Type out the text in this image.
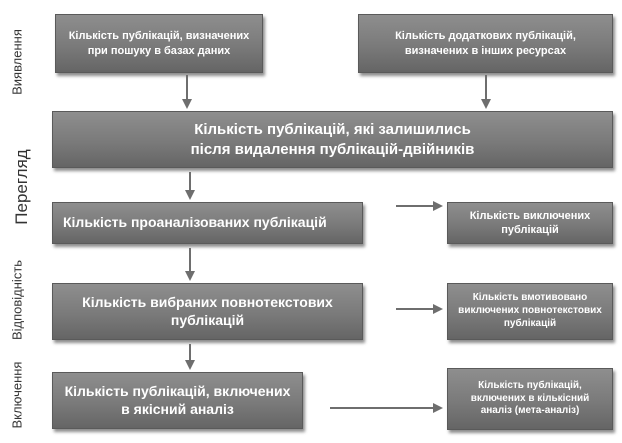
Виявлення
Перегляд
Відповідність
Включення
Кількість публікацій, визначених при пошуку в базах даних
Кількість додаткових публікацій, визначених в інших ресурсах
Кількість публікацій, які залишились після видалення публікацій-двійників
Кількість проаналізованих публікацій	Кількість виключених публікацій
Кількість вибраних повнотекстових публікацій
Кількість вмотивовано виключених повнотекстових публікацій
Кількість публікацій, включених в якісний аналіз
Кількість публікацій, включених в кількісний аналіз (мета-аналіз)
